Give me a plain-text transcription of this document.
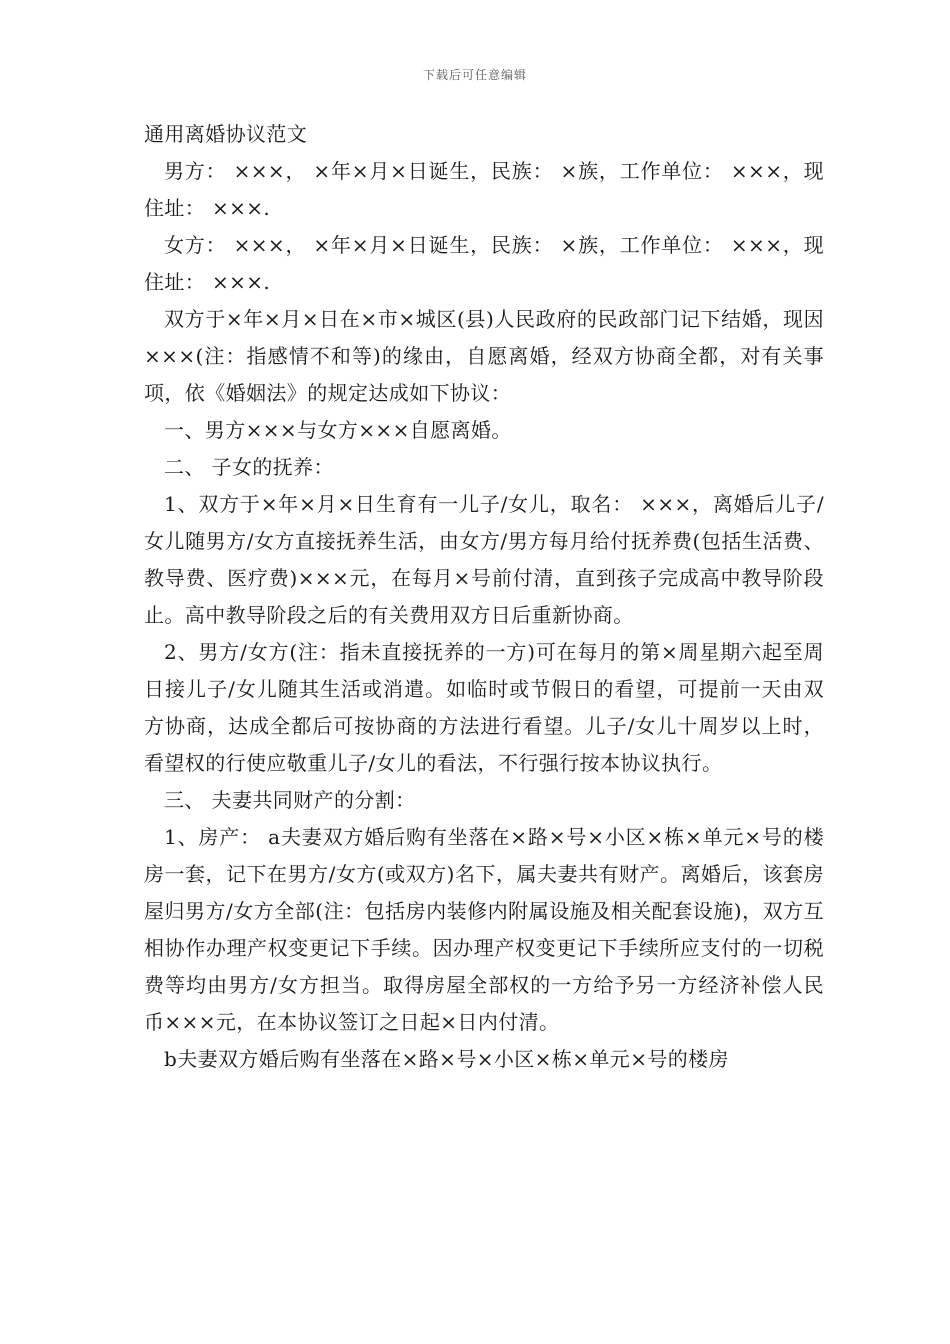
下载后可任意编辑
通用离婚协议范文

男方： ×××， ×年×月×日诞生，民族： ×族，工作单位： ×××，现住址： ×××.

女方： ×××， ×年×月×日诞生，民族： ×族，工作单位： ×××，现住址： ×××.

双方于×年×月×日在×市×城区(县)人民政府的民政部门记下结婚，现因×××(注：指感情不和等)的缘由，自愿离婚，经双方协商全都，对有关事项，依《婚姻法》的规定达成如下协议：

一、男方×××与女方×××自愿离婚。

二、 子女的抚养：

1、双方于×年×月×日生育有一儿子/女儿，取名： ×××，离婚后儿子/女儿随男方/女方直接抚养生活，由女方/男方每月给付抚养费(包括生活费、教导费、医疗费)×××元，在每月×号前付清，直到孩子完成高中教导阶段止。高中教导阶段之后的有关费用双方日后重新协商。

2、男方/女方(注：指未直接抚养的一方)可在每月的第×周星期六起至周日接儿子/女儿随其生活或消遣。如临时或节假日的看望，可提前一天由双方协商，达成全都后可按协商的方法进行看望。儿子/女儿十周岁以上时，看望权的行使应敬重儿子/女儿的看法，不行强行按本协议执行。

三、 夫妻共同财产的分割：

1、房产： a夫妻双方婚后购有坐落在×路×号×小区×栋×单元×号的楼房一套，记下在男方/女方(或双方)名下，属夫妻共有财产。离婚后，该套房屋归男方/女方全部(注：包括房内装修内附属设施及相关配套设施)，双方互相协作办理产权变更记下手续。因办理产权变更记下手续所应支付的一切税费等均由男方/女方担当。取得房屋全部权的一方给予另一方经济补偿人民币×××元，在本协议签订之日起×日内付清。

b夫妻双方婚后购有坐落在×路×号×小区×栋×单元×号的楼房
